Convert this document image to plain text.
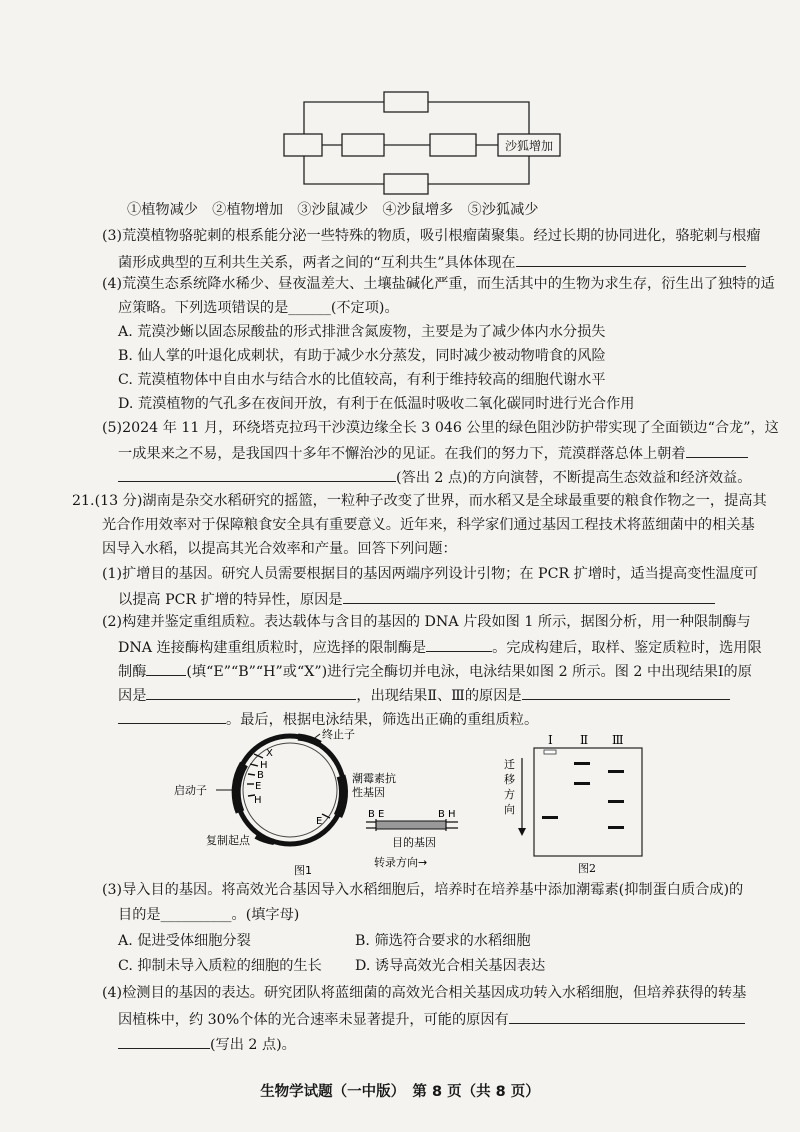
沙狐增加
①植物减少　②植物增加　③沙鼠减少　④沙鼠增多　⑤沙狐减少
(3)荒漠植物骆驼刺的根系能分泌一些特殊的物质，吸引根瘤菌聚集。经过长期的协同进化，骆驼刺与根瘤
菌形成典型的互利共生关系，两者之间的“互利共生”具体体现在
(4)荒漠生态系统降水稀少、昼夜温差大、土壤盐碱化严重，而生活其中的生物为求生存，衍生出了独特的适
应策略。下列选项错误的是______(不定项)。
A. 荒漠沙蜥以固态尿酸盐的形式排泄含氮废物，主要是为了减少体内水分损失
B. 仙人掌的叶退化成刺状，有助于减少水分蒸发，同时减少被动物啃食的风险
C. 荒漠植物体中自由水与结合水的比值较高，有利于维持较高的细胞代谢水平
D. 荒漠植物的气孔多在夜间开放，有利于在低温时吸收二氧化碳同时进行光合作用
(5)2024 年 11 月，环绕塔克拉玛干沙漠边缘全长 3 046 公里的绿色阻沙防护带实现了全面锁边“合龙”，这
一成果来之不易，是我国四十多年不懈治沙的见证。在我们的努力下，荒漠群落总体上朝着
(答出 2 点)的方向演替，不断提高生态效益和经济效益。
21.(13 分)湖南是杂交水稻研究的摇篮，一粒种子改变了世界，而水稻又是全球最重要的粮食作物之一，提高其
光合作用效率对于保障粮食安全具有重要意义。近年来，科学家们通过基因工程技术将蓝细菌中的相关基
因导入水稻，以提高其光合效率和产量。回答下列问题：
(1)扩增目的基因。研究人员需要根据目的基因两端序列设计引物；在 PCR 扩增时，适当提高变性温度可
以提高 PCR 扩增的特异性，原因是
(2)构建并鉴定重组质粒。表达载体与含目的基因的 DNA 片段如图 1 所示，据图分析，用一种限制酶与
DNA 连接酶构建重组质粒时，应选择的限制酶是	。完成构建后，取样、鉴定质粒时，选用限
制酶	(填“E”“B”“H”或“X”)进行完全酶切并电泳，电泳结果如图 2 所示。图 2 中出现结果Ⅰ的原
因是	，出现结果Ⅱ、Ⅲ的原因是
。最后，根据电泳结果，筛选出正确的重组质粒。
X
H
B
E
H
E
终止子
启动子
复制起点
潮霉素抗
性基因
B E	B H
目的基因
转录方向→
图1
Ⅰ Ⅱ Ⅲ
迁
移
方
向
图2
(3)导入目的基因。将高效光合基因导入水稻细胞后，培养时在培养基中添加潮霉素(抑制蛋白质合成)的
目的是__________。(填字母)
A. 促进受体细胞分裂	B. 筛选符合要求的水稻细胞
C. 抑制未导入质粒的细胞的生长 D. 诱导高效光合相关基因表达
(4)检测目的基因的表达。研究团队将蓝细菌的高效光合相关基因成功转入水稻细胞，但培养获得的转基
因植株中，约 30%个体的光合速率未显著提升，可能的原因有
(写出 2 点)。
生物学试题（一中版）　第 8 页（共 8 页）
